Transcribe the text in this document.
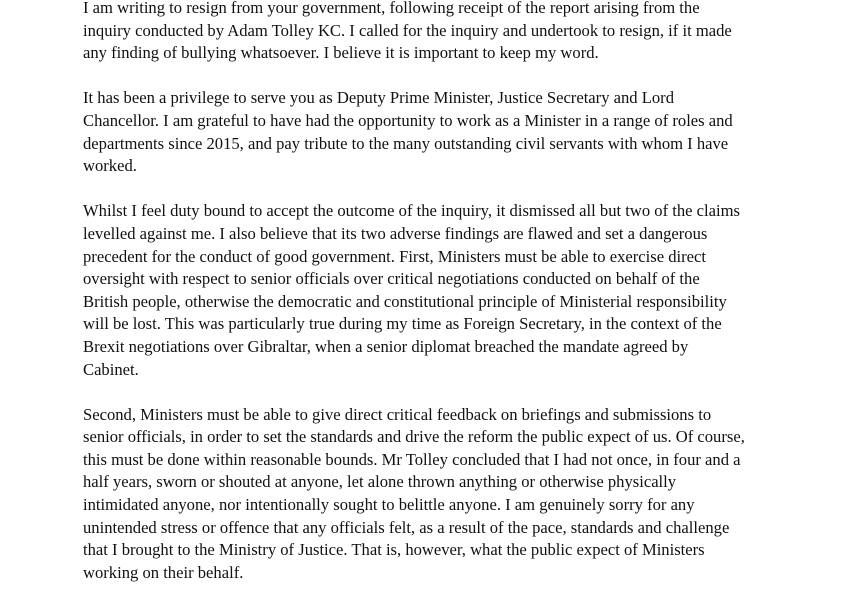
I am writing to resign from your government, following receipt of the report arising from the
inquiry conducted by Adam Tolley KC. I called for the inquiry and undertook to resign, if it made
any finding of bullying whatsoever. I believe it is important to keep my word.

It has been a privilege to serve you as Deputy Prime Minister, Justice Secretary and Lord
Chancellor. I am grateful to have had the opportunity to work as a Minister in a range of roles and
departments since 2015, and pay tribute to the many outstanding civil servants with whom I have
worked.

Whilst I feel duty bound to accept the outcome of the inquiry, it dismissed all but two of the claims
levelled against me. I also believe that its two adverse findings are flawed and set a dangerous
precedent for the conduct of good government. First, Ministers must be able to exercise direct
oversight with respect to senior officials over critical negotiations conducted on behalf of the
British people, otherwise the democratic and constitutional principle of Ministerial responsibility
will be lost. This was particularly true during my time as Foreign Secretary, in the context of the
Brexit negotiations over Gibraltar, when a senior diplomat breached the mandate agreed by
Cabinet.

Second, Ministers must be able to give direct critical feedback on briefings and submissions to
senior officials, in order to set the standards and drive the reform the public expect of us. Of course,
this must be done within reasonable bounds. Mr Tolley concluded that I had not once, in four and a
half years, sworn or shouted at anyone, let alone thrown anything or otherwise physically
intimidated anyone, nor intentionally sought to belittle anyone. I am genuinely sorry for any
unintended stress or offence that any officials felt, as a result of the pace, standards and challenge
that I brought to the Ministry of Justice. That is, however, what the public expect of Ministers
working on their behalf.
